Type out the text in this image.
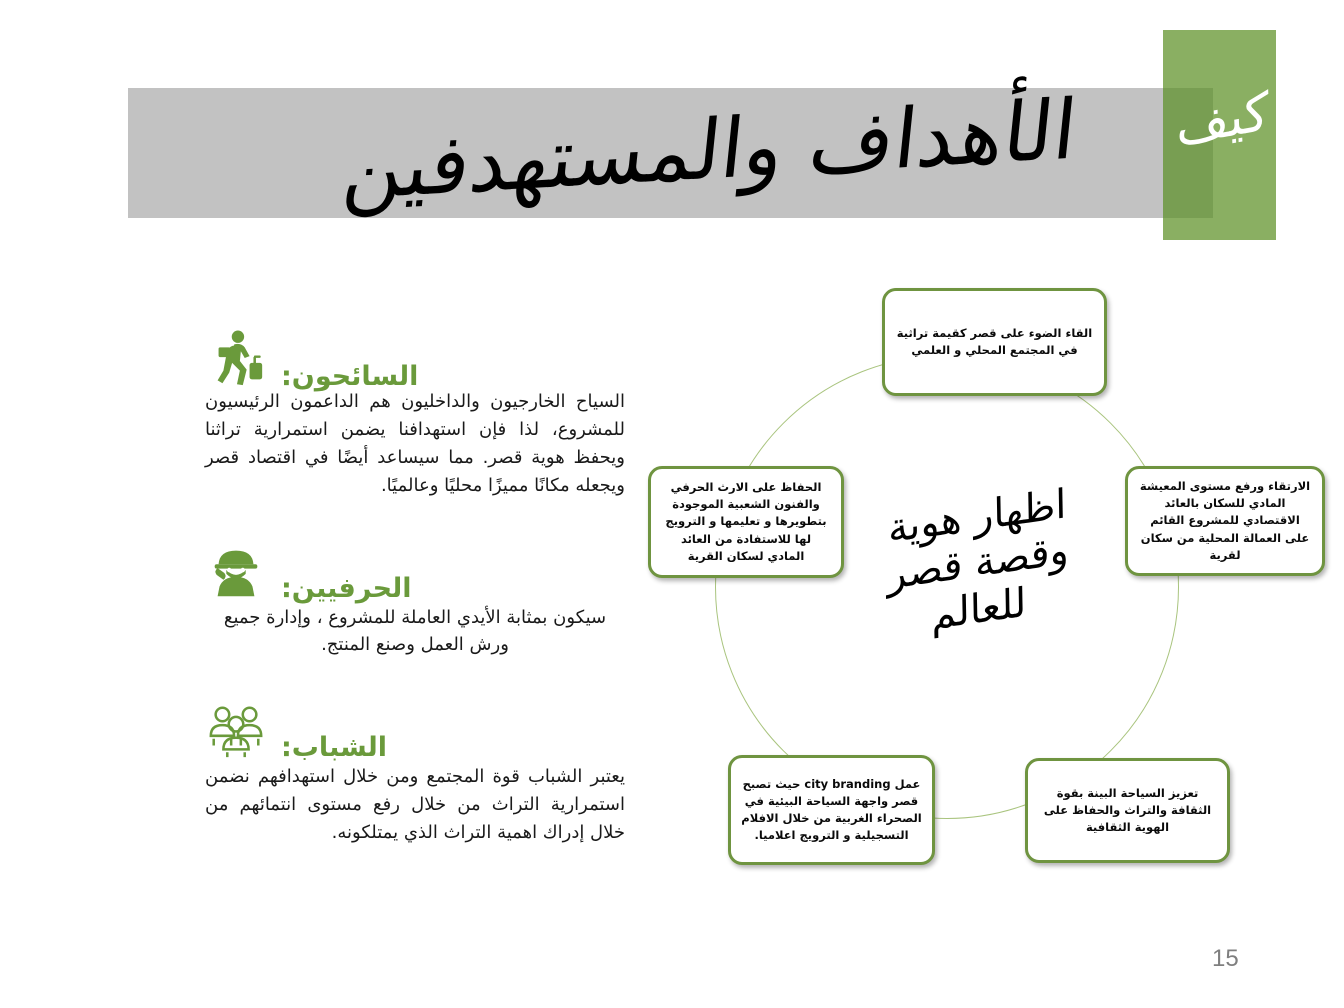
الأهداف والمستهدفين	كيف
السائحون:
السياح الخارجيون والداخليون هم الداعمون الرئيسيون للمشروع، لذا فإن استهدافنا يضمن استمرارية تراثنا ويحفظ هوية قصر. مما سيساعد أيضًا في اقتصاد قصر ويجعله مكانًا مميزًا محليًا وعالميًا.
الحرفيين:
سيكون بمثابة الأيدي العاملة للمشروع ، وإدارة جميع ورش العمل وصنع المنتج.
الشباب:
يعتبر الشباب قوة المجتمع ومن خلال استهدافهم نضمن استمرارية التراث من خلال رفع مستوى انتمائهم من خلال إدراك اهمية التراث الذي يمتلكونه.
القاء الضوء على قصر كقيمة تراثية في المجتمع المحلي و العلمي
الارتقاء ورفع مستوى المعيشة المادي للسكان بالعائد الاقتصادي للمشروع القائم على العمالة المحلية من سكان لقرية
تعزيز السياحة البينة بقوة الثقافة والتراث والحفاظ على الهوية الثقافية
عمل city branding حيث تصبح قصر واجهة السياحة البيئية في الصحراء الغربية من خلال الافلام التسجيلية و الترويج اعلاميا.
الحفاظ على الارث الحرفي والفنون الشعبية الموجودة بتطويرها و تعليمها و الترويج لها للاستفادة من العائد المادي لسكان القرية
اظهار هوية وقصة قصر للعالم
15
